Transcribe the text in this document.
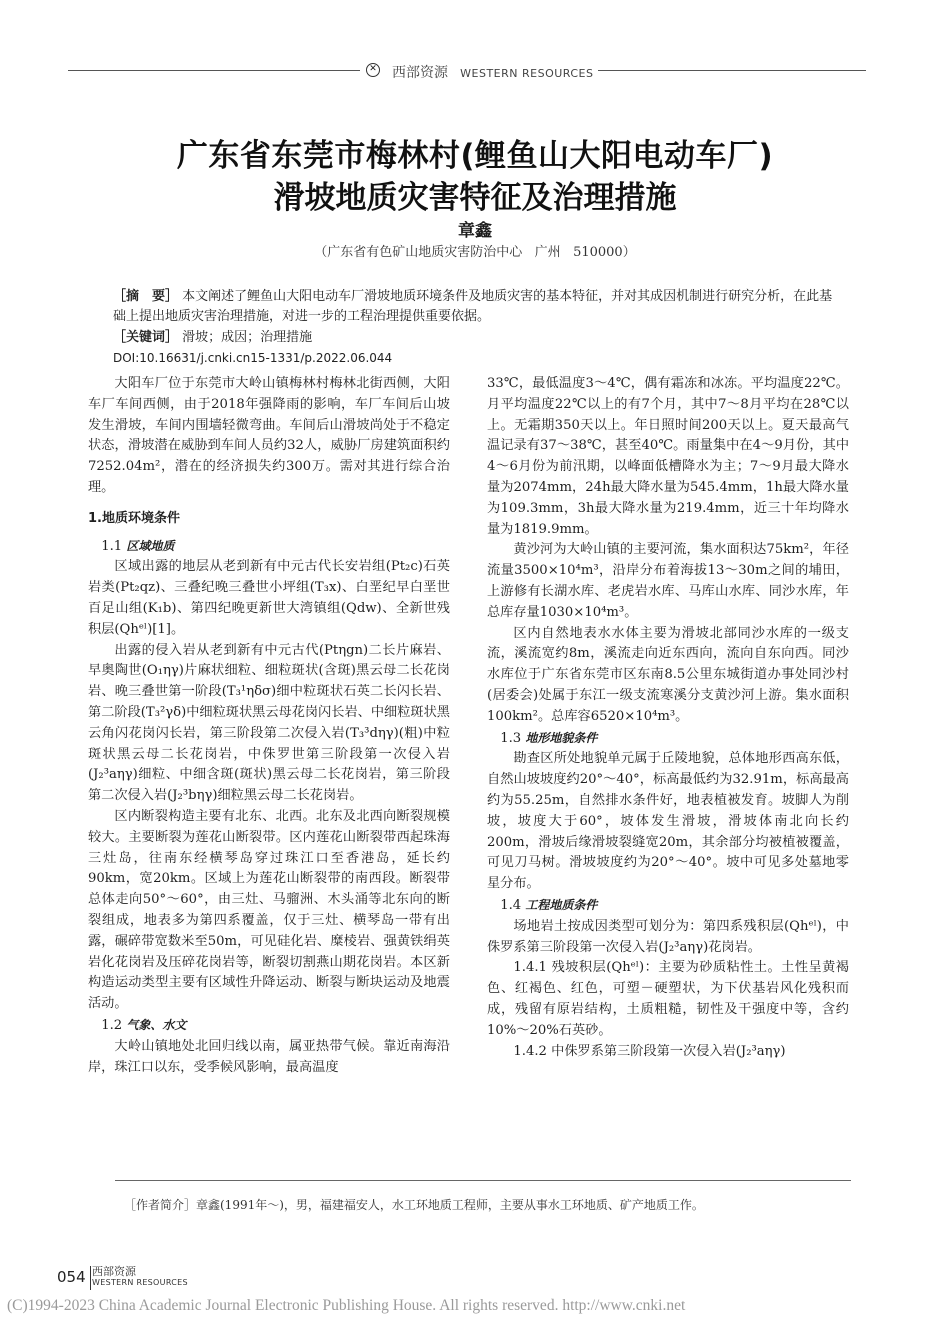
✕ 西部资源 WESTERN RESOURCES
广东省东莞市梅林村(鲤鱼山大阳电动车厂)
滑坡地质灾害特征及治理措施
章鑫
（广东省有色矿山地质灾害防治中心   广州   510000）
［摘　要］ 本文阐述了鲤鱼山大阳电动车厂滑坡地质环境条件及地质灾害的基本特征，并对其成因机制进行研究分析，在此基础上提出地质灾害治理措施，对进一步的工程治理提供重要依据。
［关键词］ 滑坡；成因；治理措施
DOI:10.16631/j.cnki.cn15-1331/p.2022.06.044

大阳车厂位于东莞市大岭山镇梅林村梅林北街西侧，大阳车厂车间西侧，由于2018年强降雨的影响，车厂车间后山坡发生滑坡，车间内围墙轻微弯曲。车间后山滑坡尚处于不稳定状态，滑坡潜在威胁到车间人员约32人，威胁厂房建筑面积约7252.04m²，潜在的经济损失约300万。需对其进行综合治理。

1.地质环境条件

1.1 区域地质

区域出露的地层从老到新有中元古代长安岩组(Pt₂c)石英岩类(Pt₂qz)、三叠纪晚三叠世小坪组(T₃x)、白垩纪早白垩世百足山组(K₁b)、第四纪晚更新世大湾镇组(Qdw)、全新世残积层(Qhᵉˡ)[1]。

出露的侵入岩从老到新有中元古代(Ptηgn)二长片麻岩、早奥陶世(O₁ηγ)片麻状细粒、细粒斑状(含斑)黑云母二长花岗岩、晚三叠世第一阶段(T₃¹ηδσ)细中粒斑状石英二长闪长岩、第二阶段(T₃²γδ)中细粒斑状黑云母花岗闪长岩、中细粒斑状黑云角闪花岗闪长岩，第三阶段第二次侵入岩(T₃³dηγ)(粗)中粒斑状黑云母二长花岗岩，中侏罗世第三阶段第一次侵入岩(J₂³aηγ)细粒、中细含斑(斑状)黑云母二长花岗岩，第三阶段第二次侵入岩(J₂³bηγ)细粒黑云母二长花岗岩。

区内断裂构造主要有北东、北西。北东及北西向断裂规模较大。主要断裂为莲花山断裂带。区内莲花山断裂带西起珠海三灶岛，往南东经横琴岛穿过珠江口至香港岛，延长约90km，宽20km。区域上为莲花山断裂带的南西段。断裂带总体走向50°～60°，由三灶、马骝洲、木头涌等北东向的断裂组成，地表多为第四系覆盖，仅于三灶、横琴岛一带有出露，碾碎带宽数米至50m，可见硅化岩、糜棱岩、强黄铁绢英岩化花岗岩及压碎花岗岩等，断裂切割燕山期花岗岩。本区新构造运动类型主要有区域性升降运动、断裂与断块运动及地震活动。

1.2 气象、水文

大岭山镇地处北回归线以南，属亚热带气候。靠近南海沿岸，珠江口以东，受季候风影响，最高温度

33℃，最低温度3～4℃，偶有霜冻和冰冻。平均温度22℃。月平均温度22℃以上的有7个月，其中7～8月平均在28℃以上。无霜期350天以上。年日照时间200天以上。夏天最高气温记录有37～38℃，甚至40℃。雨量集中在4～9月份，其中4～6月份为前汛期，以峰面低槽降水为主；7～9月最大降水量为2074mm，24h最大降水量为545.4mm，1h最大降水量为109.3mm，3h最大降水量为219.4mm，近三十年均降水量为1819.9mm。

黄沙河为大岭山镇的主要河流，集水面积达75km²，年径流量3500×10⁴m³，沿岸分布着海拔13～30m之间的埔田，上游修有长湖水库、老虎岩水库、马库山水库、同沙水库，年总库存量1030×10⁴m³。

区内自然地表水水体主要为滑坡北部同沙水库的一级支流，溪流宽约8m，溪流走向近东西向，流向自东向西。同沙水库位于广东省东莞市区东南8.5公里东城街道办事处同沙村(居委会)处属于东江一级支流寒溪分支黄沙河上游。集水面积100km²。总库容6520×10⁴m³。

1.3 地形地貌条件

勘查区所处地貌单元属于丘陵地貌，总体地形西高东低，自然山坡坡度约20°～40°，标高最低约为32.91m，标高最高约为55.25m，自然排水条件好，地表植被发育。坡脚人为削坡，坡度大于60°，坡体发生滑坡，滑坡体南北向长约200m，滑坡后缘滑坡裂缝宽20m，其余部分均被植被覆盖，可见刀马树。滑坡坡度约为20°～40°。坡中可见多处墓地零星分布。

1.4 工程地质条件

场地岩土按成因类型可划分为：第四系残积层(Qhᵉˡ)，中侏罗系第三阶段第一次侵入岩(J₂³aηγ)花岗岩。

1.4.1 残坡积层(Qhᵉˡ)：主要为砂质粘性土。土性呈黄褐色、红褐色、红色，可塑－硬塑状，为下伏基岩风化残积而成，残留有原岩结构，土质粗糙，韧性及干强度中等，含约10%～20%石英砂。

1.4.2 中侏罗系第三阶段第一次侵入岩(J₂³aηγ)

［作者简介］章鑫(1991年～)，男，福建福安人，水工环地质工程师，主要从事水工环地质、矿产地质工作。
054 西部资源
WESTERN RESOURCES
(C)1994-2023 China Academic Journal Electronic Publishing House. All rights reserved. http://www.cnki.net
